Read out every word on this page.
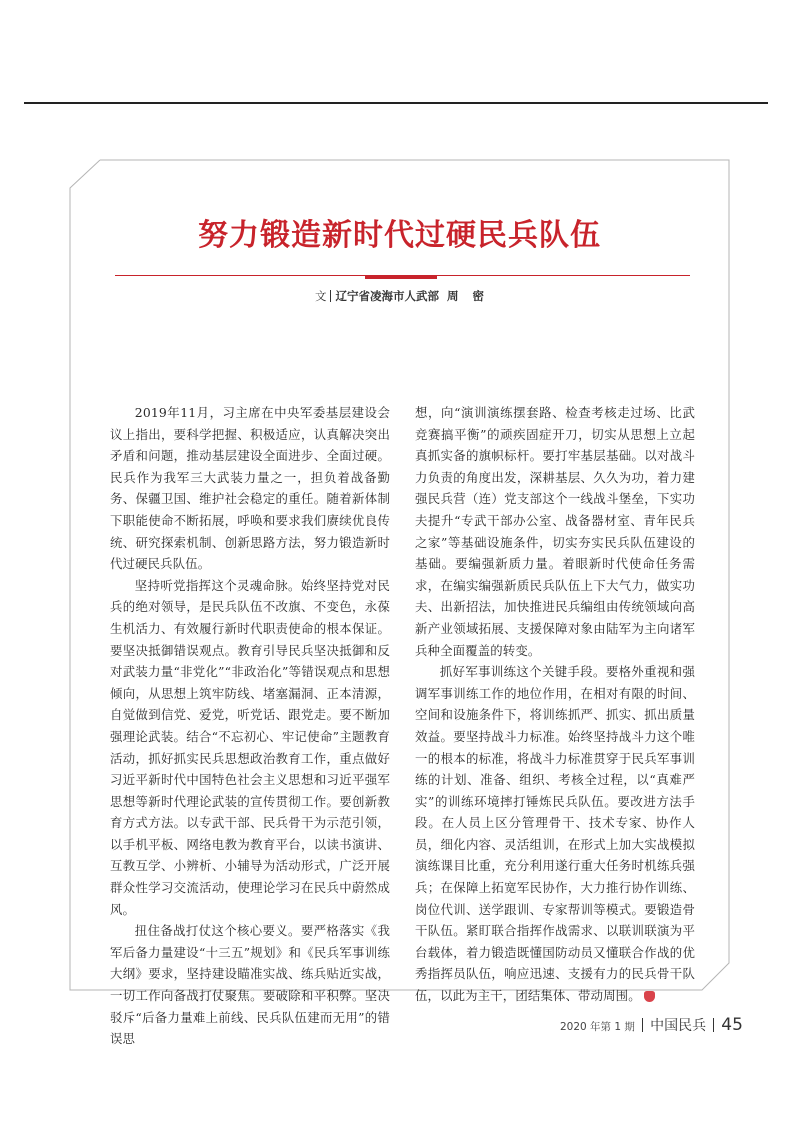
努力锻造新时代过硬民兵队伍
文 辽宁省凌海市人武部 周 密

2019年11月，习主席在中央军委基层建设会议上指出，要科学把握、积极适应，认真解决突出矛盾和问题，推动基层建设全面进步、全面过硬。民兵作为我军三大武装力量之一，担负着战备勤务、保疆卫国、维护社会稳定的重任。随着新体制下职能使命不断拓展，呼唤和要求我们赓续优良传统、研究探索机制、创新思路方法，努力锻造新时代过硬民兵队伍。

坚持听党指挥这个灵魂命脉。始终坚持党对民兵的绝对领导，是民兵队伍不改旗、不变色，永葆生机活力、有效履行新时代职责使命的根本保证。要坚决抵御错误观点。教育引导民兵坚决抵御和反对武装力量“非党化”“非政治化”等错误观点和思想倾向，从思想上筑牢防线、堵塞漏洞、正本清源，自觉做到信党、爱党，听党话、跟党走。要不断加强理论武装。结合“不忘初心、牢记使命”主题教育活动，抓好抓实民兵思想政治教育工作，重点做好习近平新时代中国特色社会主义思想和习近平强军思想等新时代理论武装的宣传贯彻工作。要创新教育方式方法。以专武干部、民兵骨干为示范引领，以手机平板、网络电教为教育平台，以读书演讲、互教互学、小辨析、小辅导为活动形式，广泛开展群众性学习交流活动，使理论学习在民兵中蔚然成风。

扭住备战打仗这个核心要义。要严格落实《我军后备力量建设“十三五”规划》和《民兵军事训练大纲》要求，坚持建设瞄准实战、练兵贴近实战，一切工作向备战打仗聚焦。要破除和平积弊。坚决驳斥“后备力量难上前线、民兵队伍建而无用”的错误思

想，向“演训演练摆套路、检查考核走过场、比武竞赛搞平衡”的顽疾固症开刀，切实从思想上立起真抓实备的旗帜标杆。要打牢基层基础。以对战斗力负责的角度出发，深耕基层、久久为功，着力建强民兵营（连）党支部这个一线战斗堡垒，下实功夫提升“专武干部办公室、战备器材室、青年民兵之家”等基础设施条件，切实夯实民兵队伍建设的基础。要编强新质力量。着眼新时代使命任务需求，在编实编强新质民兵队伍上下大气力，做实功夫、出新招法，加快推进民兵编组由传统领域向高新产业领域拓展、支援保障对象由陆军为主向诸军兵种全面覆盖的转变。

抓好军事训练这个关键手段。要格外重视和强调军事训练工作的地位作用，在相对有限的时间、空间和设施条件下，将训练抓严、抓实、抓出质量效益。要坚持战斗力标准。始终坚持战斗力这个唯一的根本的标准，将战斗力标准贯穿于民兵军事训练的计划、准备、组织、考核全过程，以“真难严实”的训练环境摔打锤炼民兵队伍。要改进方法手段。在人员上区分管理骨干、技术专家、协作人员，细化内容、灵活组训，在形式上加大实战模拟演练课目比重，充分利用遂行重大任务时机练兵强兵；在保障上拓宽军民协作，大力推行协作训练、岗位代训、送学跟训、专家帮训等模式。要锻造骨干队伍。紧盯联合指挥作战需求、以联训联演为平台载体，着力锻造既懂国防动员又懂联合作战的优秀指挥员队伍，响应迅速、支援有力的民兵骨干队伍，以此为主干，团结集体、带动周围。	✦

2020 年第 1 期 中国民兵 45
